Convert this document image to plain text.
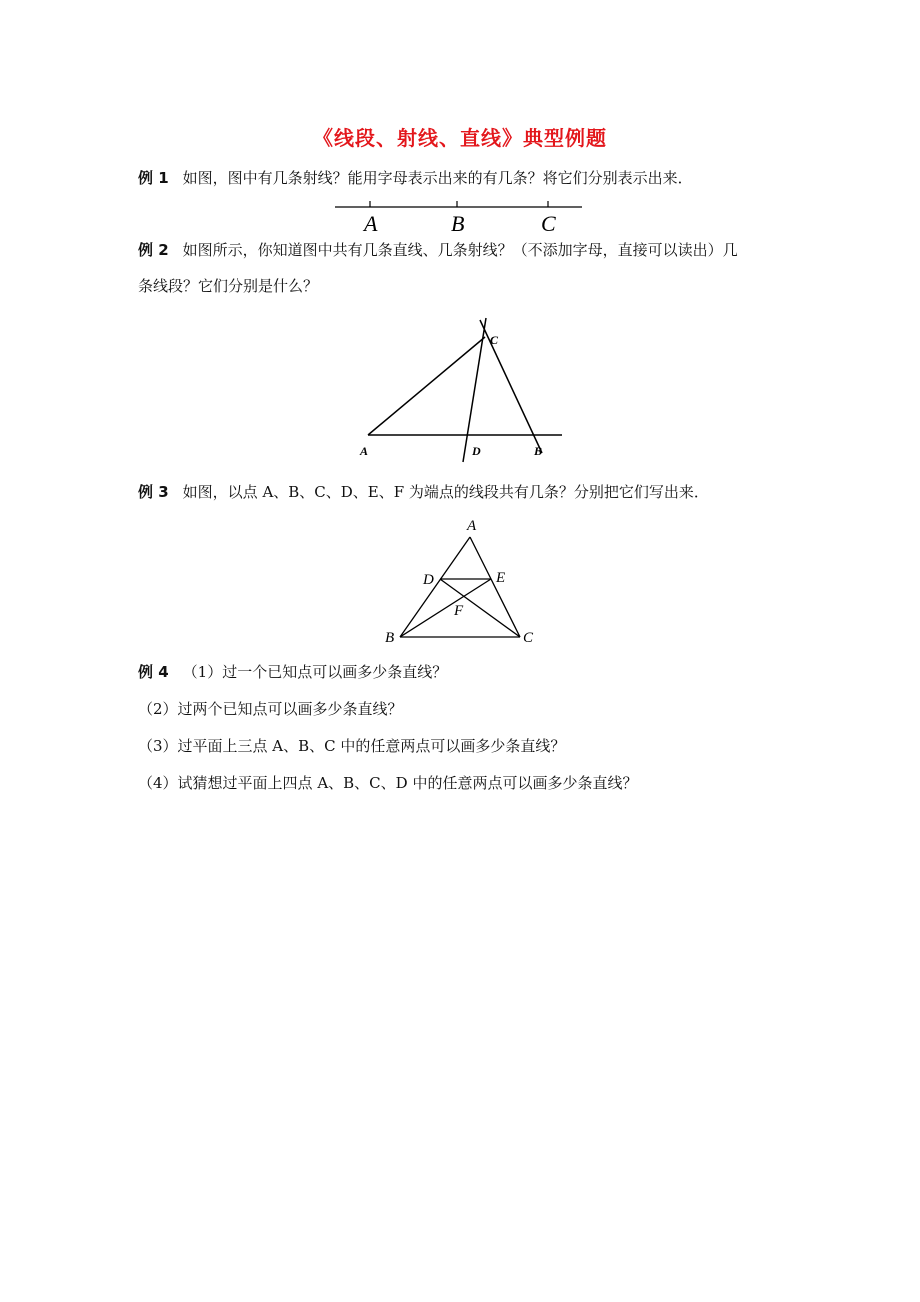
《线段、射线、直线》典型例题
例 1 如图，图中有几条射线？能用字母表示出来的有几条？将它们分别表示出来．
A	B	C
例 2 如图所示，你知道图中共有几条直线、几条射线？（不添加字母，直接可以读出）几
条线段？它们分别是什么？
C
A	D	B
例 3 如图，以点 A、B、C、D、E、F 为端点的线段共有几条？分别把它们写出来．
A
B	C
D	E
F
例 4 （1）过一个已知点可以画多少条直线？
（2）过两个已知点可以画多少条直线？
（3）过平面上三点 A、B、C 中的任意两点可以画多少条直线？
（4）试猜想过平面上四点 A、B、C、D 中的任意两点可以画多少条直线？
